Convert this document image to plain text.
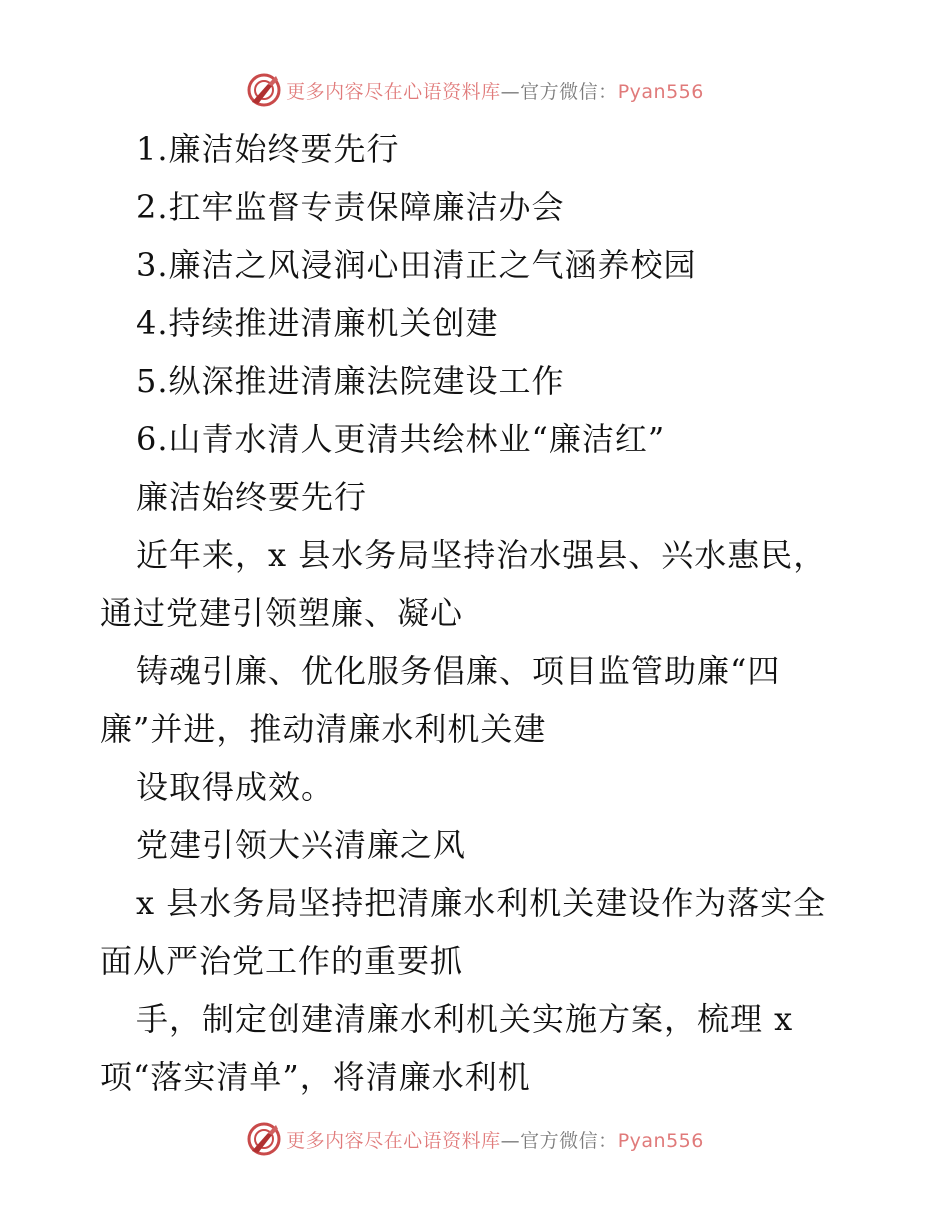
更多内容尽在心语资料库—官方微信：Pyan556
1.廉洁始终要先行
2.扛牢监督专责保障廉洁办会
3.廉洁之风浸润心田清正之气涵养校园
4.持续推进清廉机关创建
5.纵深推进清廉法院建设工作
6.山青水清人更清共绘林业“廉洁红”
廉洁始终要先行
近年来，x 县水务局坚持治水强县、兴水惠民，
通过党建引领塑廉、凝心
铸魂引廉、优化服务倡廉、项目监管助廉“四
廉”并进，推动清廉水利机关建
设取得成效。
党建引领大兴清廉之风
x 县水务局坚持把清廉水利机关建设作为落实全
面从严治党工作的重要抓
手，制定创建清廉水利机关实施方案，梳理 x
项“落实清单”，将清廉水利机
更多内容尽在心语资料库—官方微信：Pyan556
